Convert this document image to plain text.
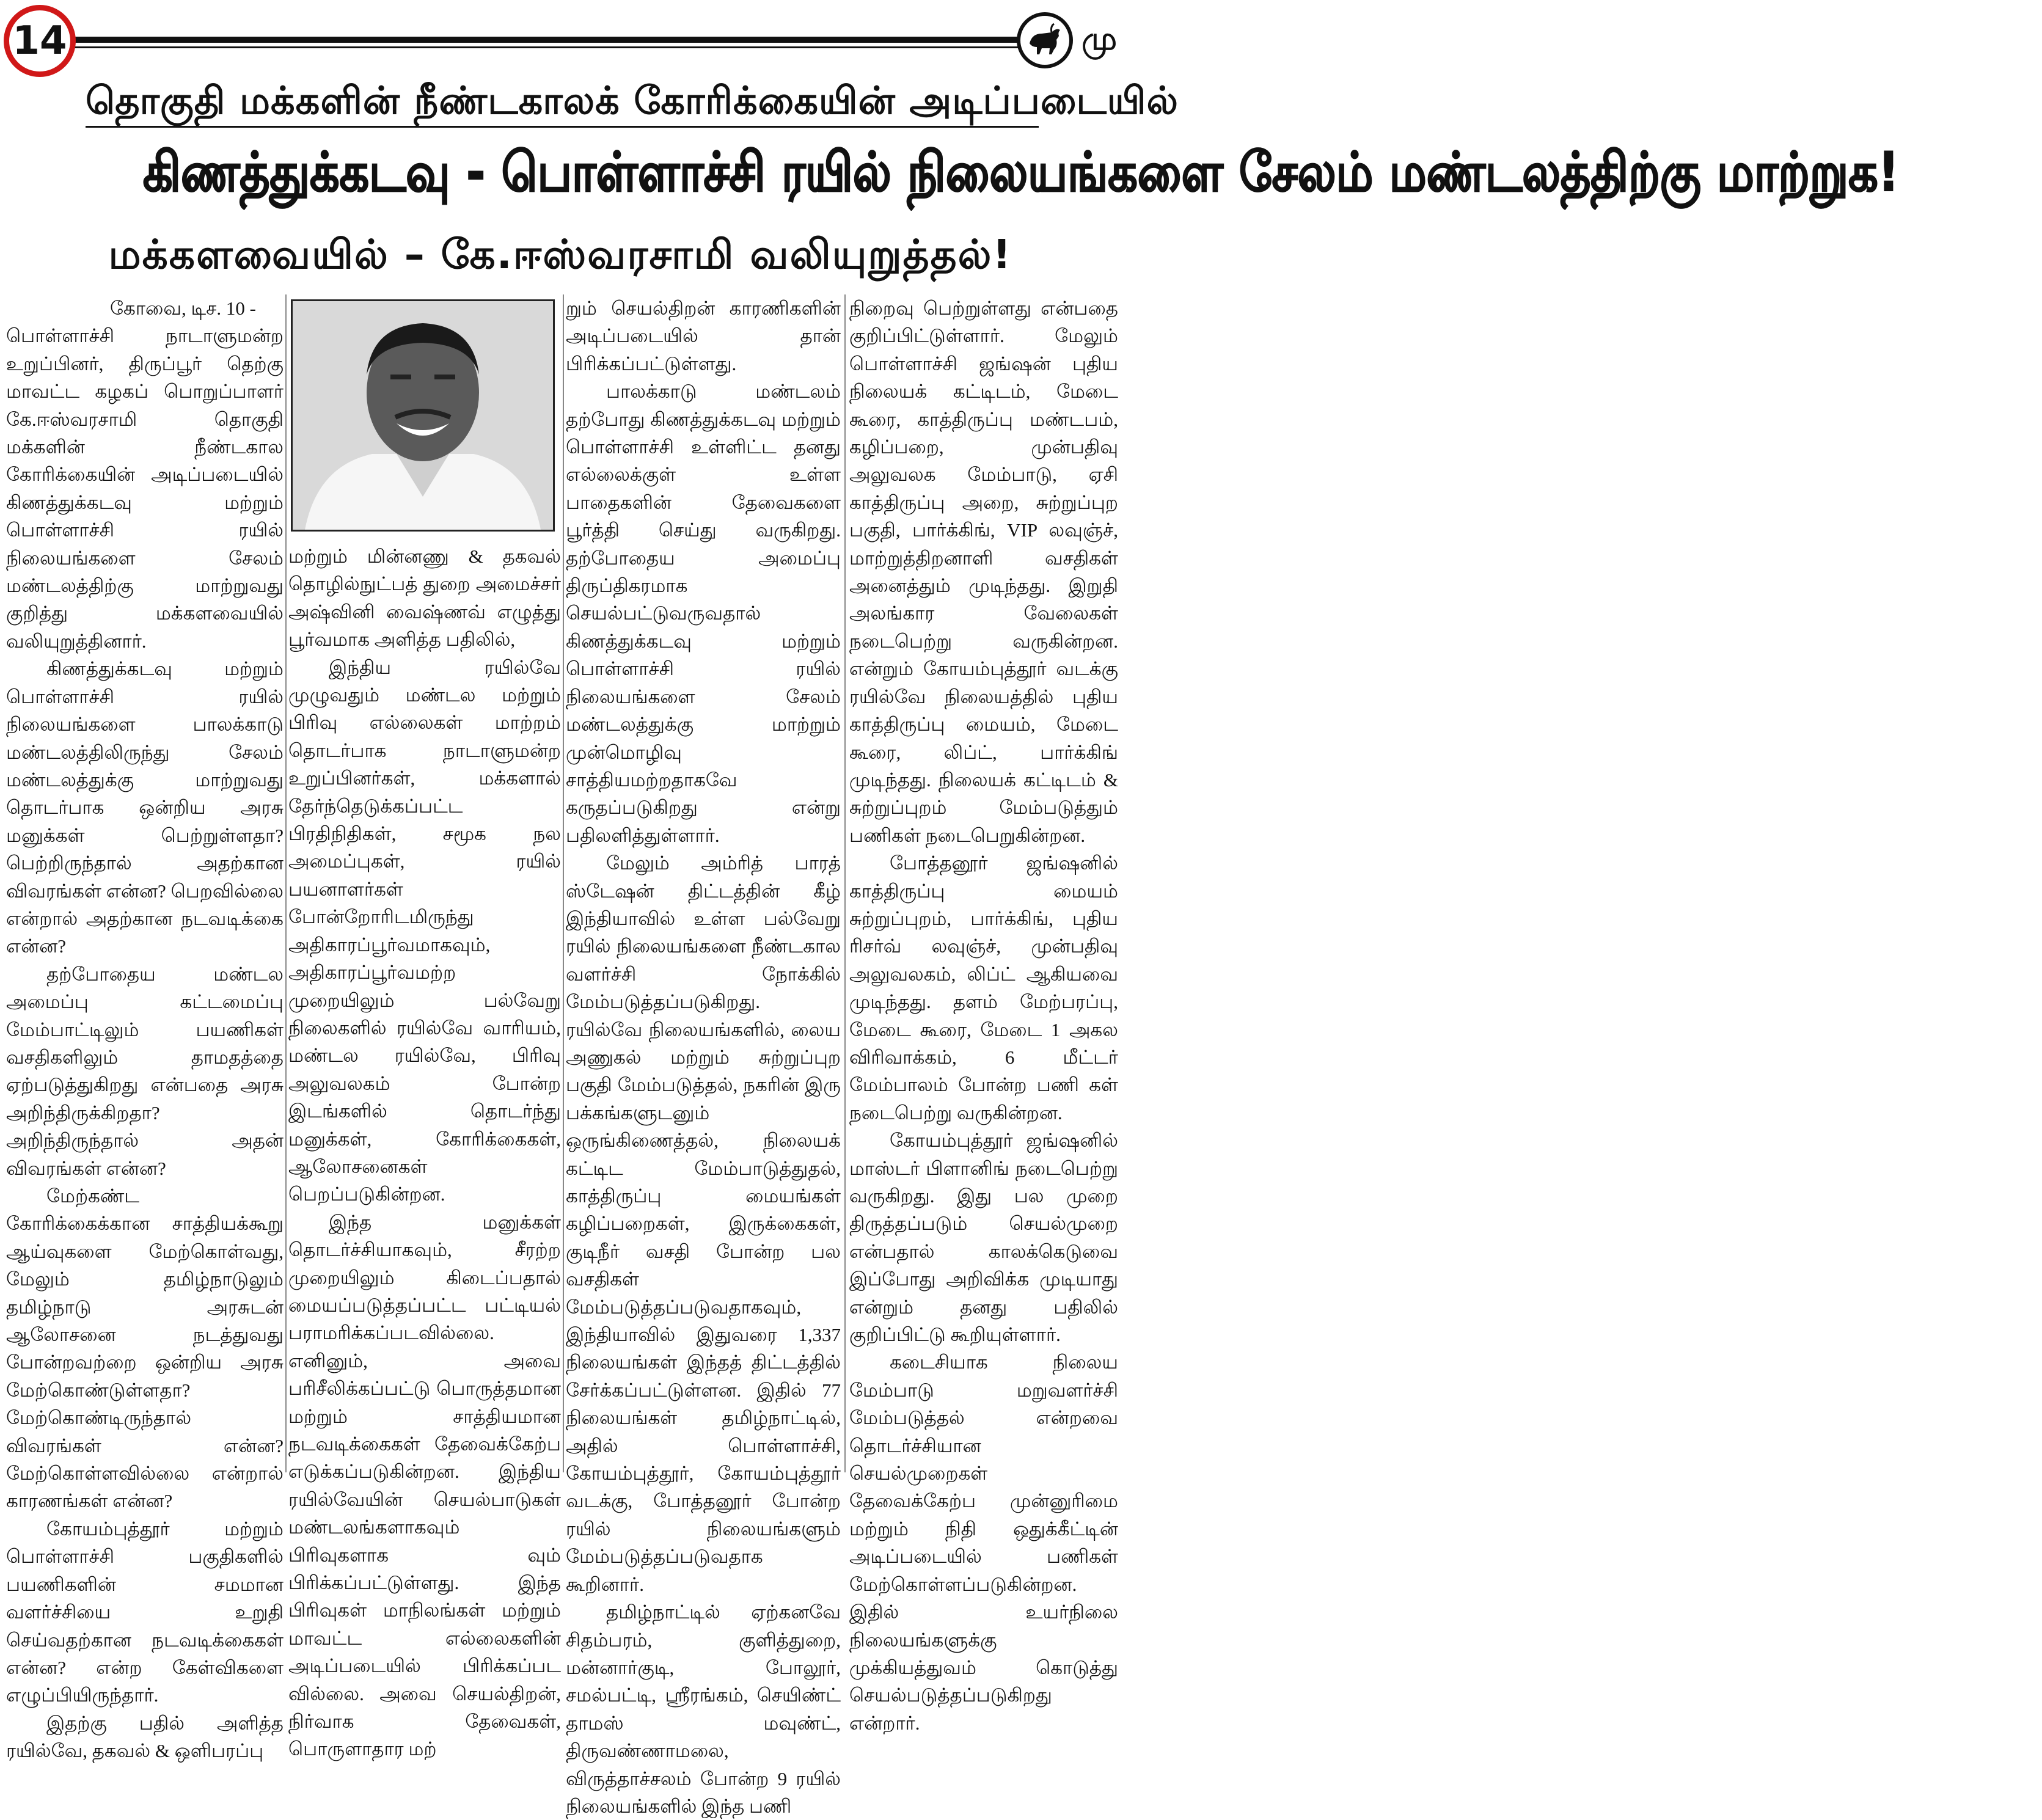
14	மு
தொகுதி மக்களின் நீண்டகாலக் கோரிக்கையின் அடிப்படையில்
கிணத்துக்கடவு - பொள்ளாச்சி ரயில் நிலையங்களை சேலம் மண்டலத்திற்கு மாற்றுக!
மக்களவையில் – கே.ஈஸ்வரசாமி வலியுறுத்தல்!
கோவை, டிச. 10 -

பொள்ளாச்சி நாடாளுமன்ற உறுப்பினர், திருப்பூர் தெற்கு மாவட்ட கழகப் பொறுப்பாளர் கே.ஈஸ்வரசாமி தொகுதி மக்களின் நீண்டகால கோரிக்கையின் அடிப்படையில் கிணத்துக்கடவு மற்றும் பொள்ளாச்சி ரயில் நிலையங்களை சேலம் மண்டலத்திற்கு மாற்றுவது குறித்து மக்களவையில் வலியுறுத்தினார்.

கிணத்துக்கடவு மற்றும் பொள்ளாச்சி ரயில் நிலையங்களை பாலக்காடு மண்டலத்திலிருந்து சேலம் மண்டலத்துக்கு மாற்றுவது தொடர்பாக ஒன்றிய அரசு மனுக்கள் பெற்றுள்ளதா? பெற்றிருந்தால் அதற்கான விவரங்கள் என்ன? பெறவில்லை என்றால் அதற்கான நடவடிக்கை என்ன?

தற்போதைய மண்டல அமைப்பு கட்டமைப்பு மேம்பாட்டிலும் பயணிகள் வசதிகளிலும் தாமதத்தை ஏற்படுத்துகிறது என்பதை அரசு அறிந்திருக்கிறதா? அறிந்திருந்தால் அதன் விவரங்கள் என்ன?

மேற்கண்ட கோரிக்கைக்கான சாத்தியக்கூறு ஆய்வுகளை மேற்கொள்வது, மேலும் தமிழ்நாடுலும் தமிழ்நாடு அரசுடன் ஆலோசனை நடத்துவது போன்றவற்றை ஒன்றிய அரசு மேற்கொண்டுள்ளதா? மேற்கொண்டிருந்தால் விவரங்கள் என்ன? மேற்கொள்ளவில்லை என்றால் காரணங்கள் என்ன?

கோயம்புத்தூர் மற்றும் பொள்ளாச்சி பகுதிகளில் பயணிகளின் சமமான வளர்ச்சியை உறுதி செய்வதற்கான நடவடிக்கைகள் என்ன? என்ற கேள்விகளை எழுப்பியிருந்தார்.

இதற்கு பதில் அளித்த ரயில்வே, தகவல் & ஒளிபரப்பு

மற்றும் மின்னணு & தகவல் தொழில்நுட்பத் துறை அமைச்சர் அஷ்வினி வைஷ்ணவ் எழுத்து பூர்வமாக அளித்த பதிலில்,

இந்திய ரயில்வே முழுவதும் மண்டல மற்றும் பிரிவு எல்லைகள் மாற்றம் தொடர்பாக நாடாளுமன்ற உறுப்பினர்கள், மக்களால் தேர்ந்தெடுக்கப்பட்ட பிரதிநிதிகள், சமூக நல அமைப்புகள், ரயில் பயனாளர்கள் போன்றோரிடமிருந்து அதிகாரப்பூர்வமாகவும், அதிகாரப்பூர்வமற்ற முறையிலும் பல்வேறு நிலைகளில் ரயில்வே வாரியம், மண்டல ரயில்வே, பிரிவு அலுவலகம் போன்ற இடங்களில் தொடர்ந்து மனுக்கள், கோரிக்கைகள், ஆலோசனைகள் பெறப்படுகின்றன.

இந்த மனுக்கள் தொடர்ச்சியாகவும், சீரற்ற முறையிலும் கிடைப்பதால் மையப்படுத்தப்பட்ட பட்டியல் பராமரிக்கப்படவில்லை. எனினும், அவை பரிசீலிக்கப்பட்டு பொருத்தமான மற்றும் சாத்தியமான நடவடிக்கைகள் தேவைக்கேற்ப எடுக்கப்படுகின்றன. இந்திய ரயில்வேயின் செயல்பாடுகள் மண்டலங்களாகவும் பிரிவுகளாக வும் பிரிக்கப்பட்டுள்ளது. இந்த பிரிவுகள் மாநிலங்கள் மற்றும் மாவட்ட எல்லைகளின் அடிப்படையில் பிரிக்கப்பட வில்லை. அவை செயல்திறன், நிர்வாக தேவைகள், பொருளாதார மற்

றும் செயல்திறன் காரணிகளின் அடிப்படையில் தான் பிரிக்கப்பட்டுள்ளது.

பாலக்காடு மண்டலம் தற்போது கிணத்துக்கடவு மற்றும் பொள்ளாச்சி உள்ளிட்ட தனது எல்லைக்குள் உள்ள பாதைகளின் தேவைகளை பூர்த்தி செய்து வருகிறது. தற்போதைய அமைப்பு திருப்திகரமாக செயல்பட்டுவருவதால் கிணத்துக்கடவு மற்றும் பொள்ளாச்சி ரயில் நிலையங்களை சேலம் மண்டலத்துக்கு மாற்றும் முன்மொழிவு சாத்தியமற்றதாகவே கருதப்படுகிறது என்று பதிலளித்துள்ளார்.

மேலும் அம்ரித் பாரத் ஸ்டேஷன் திட்டத்தின் கீழ் இந்தியாவில் உள்ள பல்வேறு ரயில் நிலையங்களை நீண்டகால வளர்ச்சி நோக்கில் மேம்படுத்தப்படுகிறது. ரயில்வே நிலையங்களில், லைய அணுகல் மற்றும் சுற்றுப்புற பகுதி மேம்படுத்தல், நகரின் இரு பக்கங்களுடனும் ஒருங்கிணைத்தல், நிலையக் கட்டிட மேம்பாடுத்துதல், காத்திருப்பு மையங்கள் கழிப்பறைகள், இருக்கைகள், குடிநீர் வசதி போன்ற பல வசதிகள் மேம்படுத்தப்படுவதாகவும், இந்தியாவில் இதுவரை 1,337 நிலையங்கள் இந்தத் திட்டத்தில் சேர்க்கப்பட்டுள்ளன. இதில் 77 நிலையங்கள் தமிழ்நாட்டில், அதில் பொள்ளாச்சி, கோயம்புத்தூர், கோயம்புத்தூர் வடக்கு, போத்தனூர் போன்ற ரயில் நிலையங்களும் மேம்படுத்தப்படுவதாக கூறினார்.

தமிழ்நாட்டில் ஏற்கனவே சிதம்பரம், குளித்துறை, மன்னார்குடி, போலூர், சமல்பட்டி, ஸ்ரீரங்கம், செயிண்ட் தாமஸ் மவுண்ட், திருவண்ணாமலை, விருத்தாச்சலம் போன்ற 9 ரயில் நிலையங்களில் இந்த பணி

நிறைவு பெற்றுள்ளது என்பதை குறிப்பிட்டுள்ளார். மேலும் பொள்ளாச்சி ஜங்ஷன் புதிய நிலையக் கட்டிடம், மேடை கூரை, காத்திருப்பு மண்டபம், கழிப்பறை, முன்பதிவு அலுவலக மேம்பாடு, ஏசி காத்திருப்பு அறை, சுற்றுப்புற பகுதி, பார்க்கிங், VIP லவுஞ்ச், மாற்றுத்திறனாளி வசதிகள் அனைத்தும் முடிந்தது. இறுதி அலங்கார வேலைகள் நடைபெற்று வருகின்றன. என்றும் கோயம்புத்தூர் வடக்கு ரயில்வே நிலையத்தில் புதிய காத்திருப்பு மையம், மேடை கூரை, லிப்ட், பார்க்கிங் முடிந்தது. நிலையக் கட்டிடம் & சுற்றுப்புறம் மேம்படுத்தும் பணிகள் நடைபெறுகின்றன.

போத்தனூர் ஜங்ஷனில் காத்திருப்பு மையம் சுற்றுப்புறம், பார்க்கிங், புதிய ரிசர்வ் லவுஞ்ச், முன்பதிவு அலுவலகம், லிப்ட் ஆகியவை முடிந்தது. தளம் மேற்பரப்பு, மேடை கூரை, மேடை 1 அகல விரிவாக்கம், 6 மீட்டர் மேம்பாலம் போன்ற பணி கள் நடைபெற்று வருகின்றன.

கோயம்புத்தூர் ஜங்ஷனில் மாஸ்டர் பிளானிங் நடைபெற்று வருகிறது. இது பல முறை திருத்தப்படும் செயல்முறை என்பதால் காலக்கெடுவை இப்போது அறிவிக்க முடியாது என்றும் தனது பதிலில் குறிப்பிட்டு கூறியுள்ளார்.

கடைசியாக நிலைய மேம்பாடு மறுவளர்ச்சி மேம்படுத்தல் என்றவை தொடர்ச்சியான செயல்முறைகள் தேவைக்கேற்ப முன்னுரிமை மற்றும் நிதி ஒதுக்கீட்டின் அடிப்படையில் பணிகள் மேற்கொள்ளப்படுகின்றன. இதில் உயர்நிலை நிலையங்களுக்கு முக்கியத்துவம் கொடுத்து செயல்படுத்தப்படுகிறது என்றார்.
